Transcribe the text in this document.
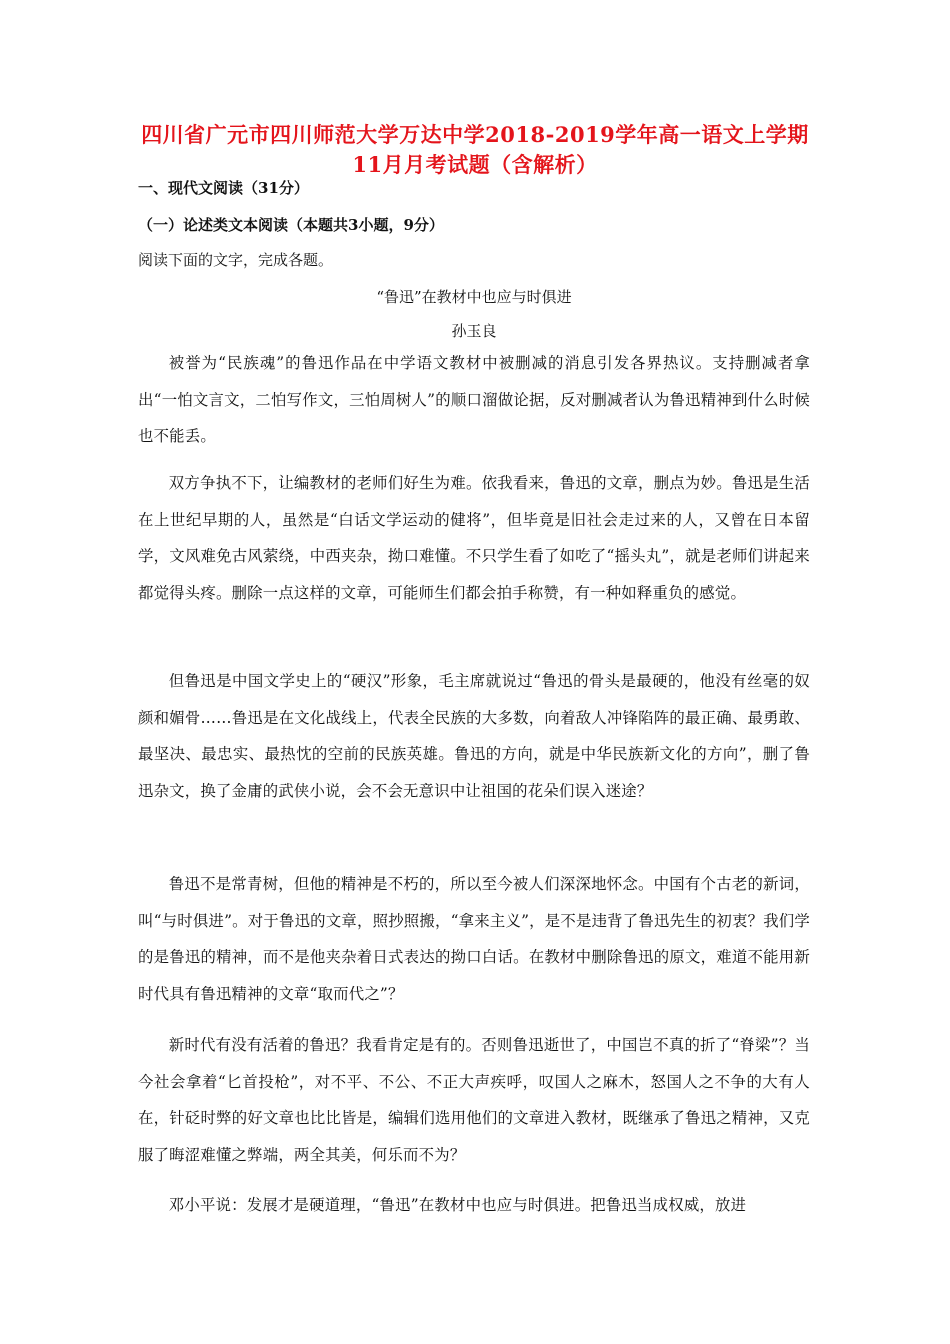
四川省广元市四川师范大学万达中学2018-2019学年高一语文上学期
11月月考试题（含解析）
一、现代文阅读（31分）
（一）论述类文本阅读（本题共3小题，9分）
阅读下面的文字，完成各题。
“鲁迅”在教材中也应与时俱进
孙玉良
被誉为“民族魂”的鲁迅作品在中学语文教材中被删减的消息引发各界热议。支持删减者拿出“一怕文言文，二怕写作文，三怕周树人”的顺口溜做论据，反对删减者认为鲁迅精神到什么时候也不能丢。
双方争执不下，让编教材的老师们好生为难。依我看来，鲁迅的文章，删点为妙。鲁迅是生活在上世纪早期的人，虽然是“白话文学运动的健将”，但毕竟是旧社会走过来的人，又曾在日本留学，文风难免古风萦绕，中西夹杂，拗口难懂。不只学生看了如吃了“摇头丸”，就是老师们讲起来都觉得头疼。删除一点这样的文章，可能师生们都会拍手称赞，有一种如释重负的感觉。
但鲁迅是中国文学史上的“硬汉”形象，毛主席就说过“鲁迅的骨头是最硬的，他没有丝毫的奴颜和媚骨……鲁迅是在文化战线上，代表全民族的大多数，向着敌人冲锋陷阵的最正确、最勇敢、最坚决、最忠实、最热忱的空前的民族英雄。鲁迅的方向，就是中华民族新文化的方向”，删了鲁迅杂文，换了金庸的武侠小说，会不会无意识中让祖国的花朵们误入迷途？
鲁迅不是常青树，但他的精神是不朽的，所以至今被人们深深地怀念。中国有个古老的新词，叫“与时俱进”。对于鲁迅的文章，照抄照搬，“拿来主义”，是不是违背了鲁迅先生的初衷？我们学的是鲁迅的精神，而不是他夹杂着日式表达的拗口白话。在教材中删除鲁迅的原文，难道不能用新时代具有鲁迅精神的文章“取而代之”？
新时代有没有活着的鲁迅？我看肯定是有的。否则鲁迅逝世了，中国岂不真的折了“脊梁”？当今社会拿着“匕首投枪”，对不平、不公、不正大声疾呼，叹国人之麻木，怒国人之不争的大有人在，针砭时弊的好文章也比比皆是，编辑们选用他们的文章进入教材，既继承了鲁迅之精神，又克服了晦涩难懂之弊端，两全其美，何乐而不为？
邓小平说：发展才是硬道理，“鲁迅”在教材中也应与时俱进。把鲁迅当成权威，放进
